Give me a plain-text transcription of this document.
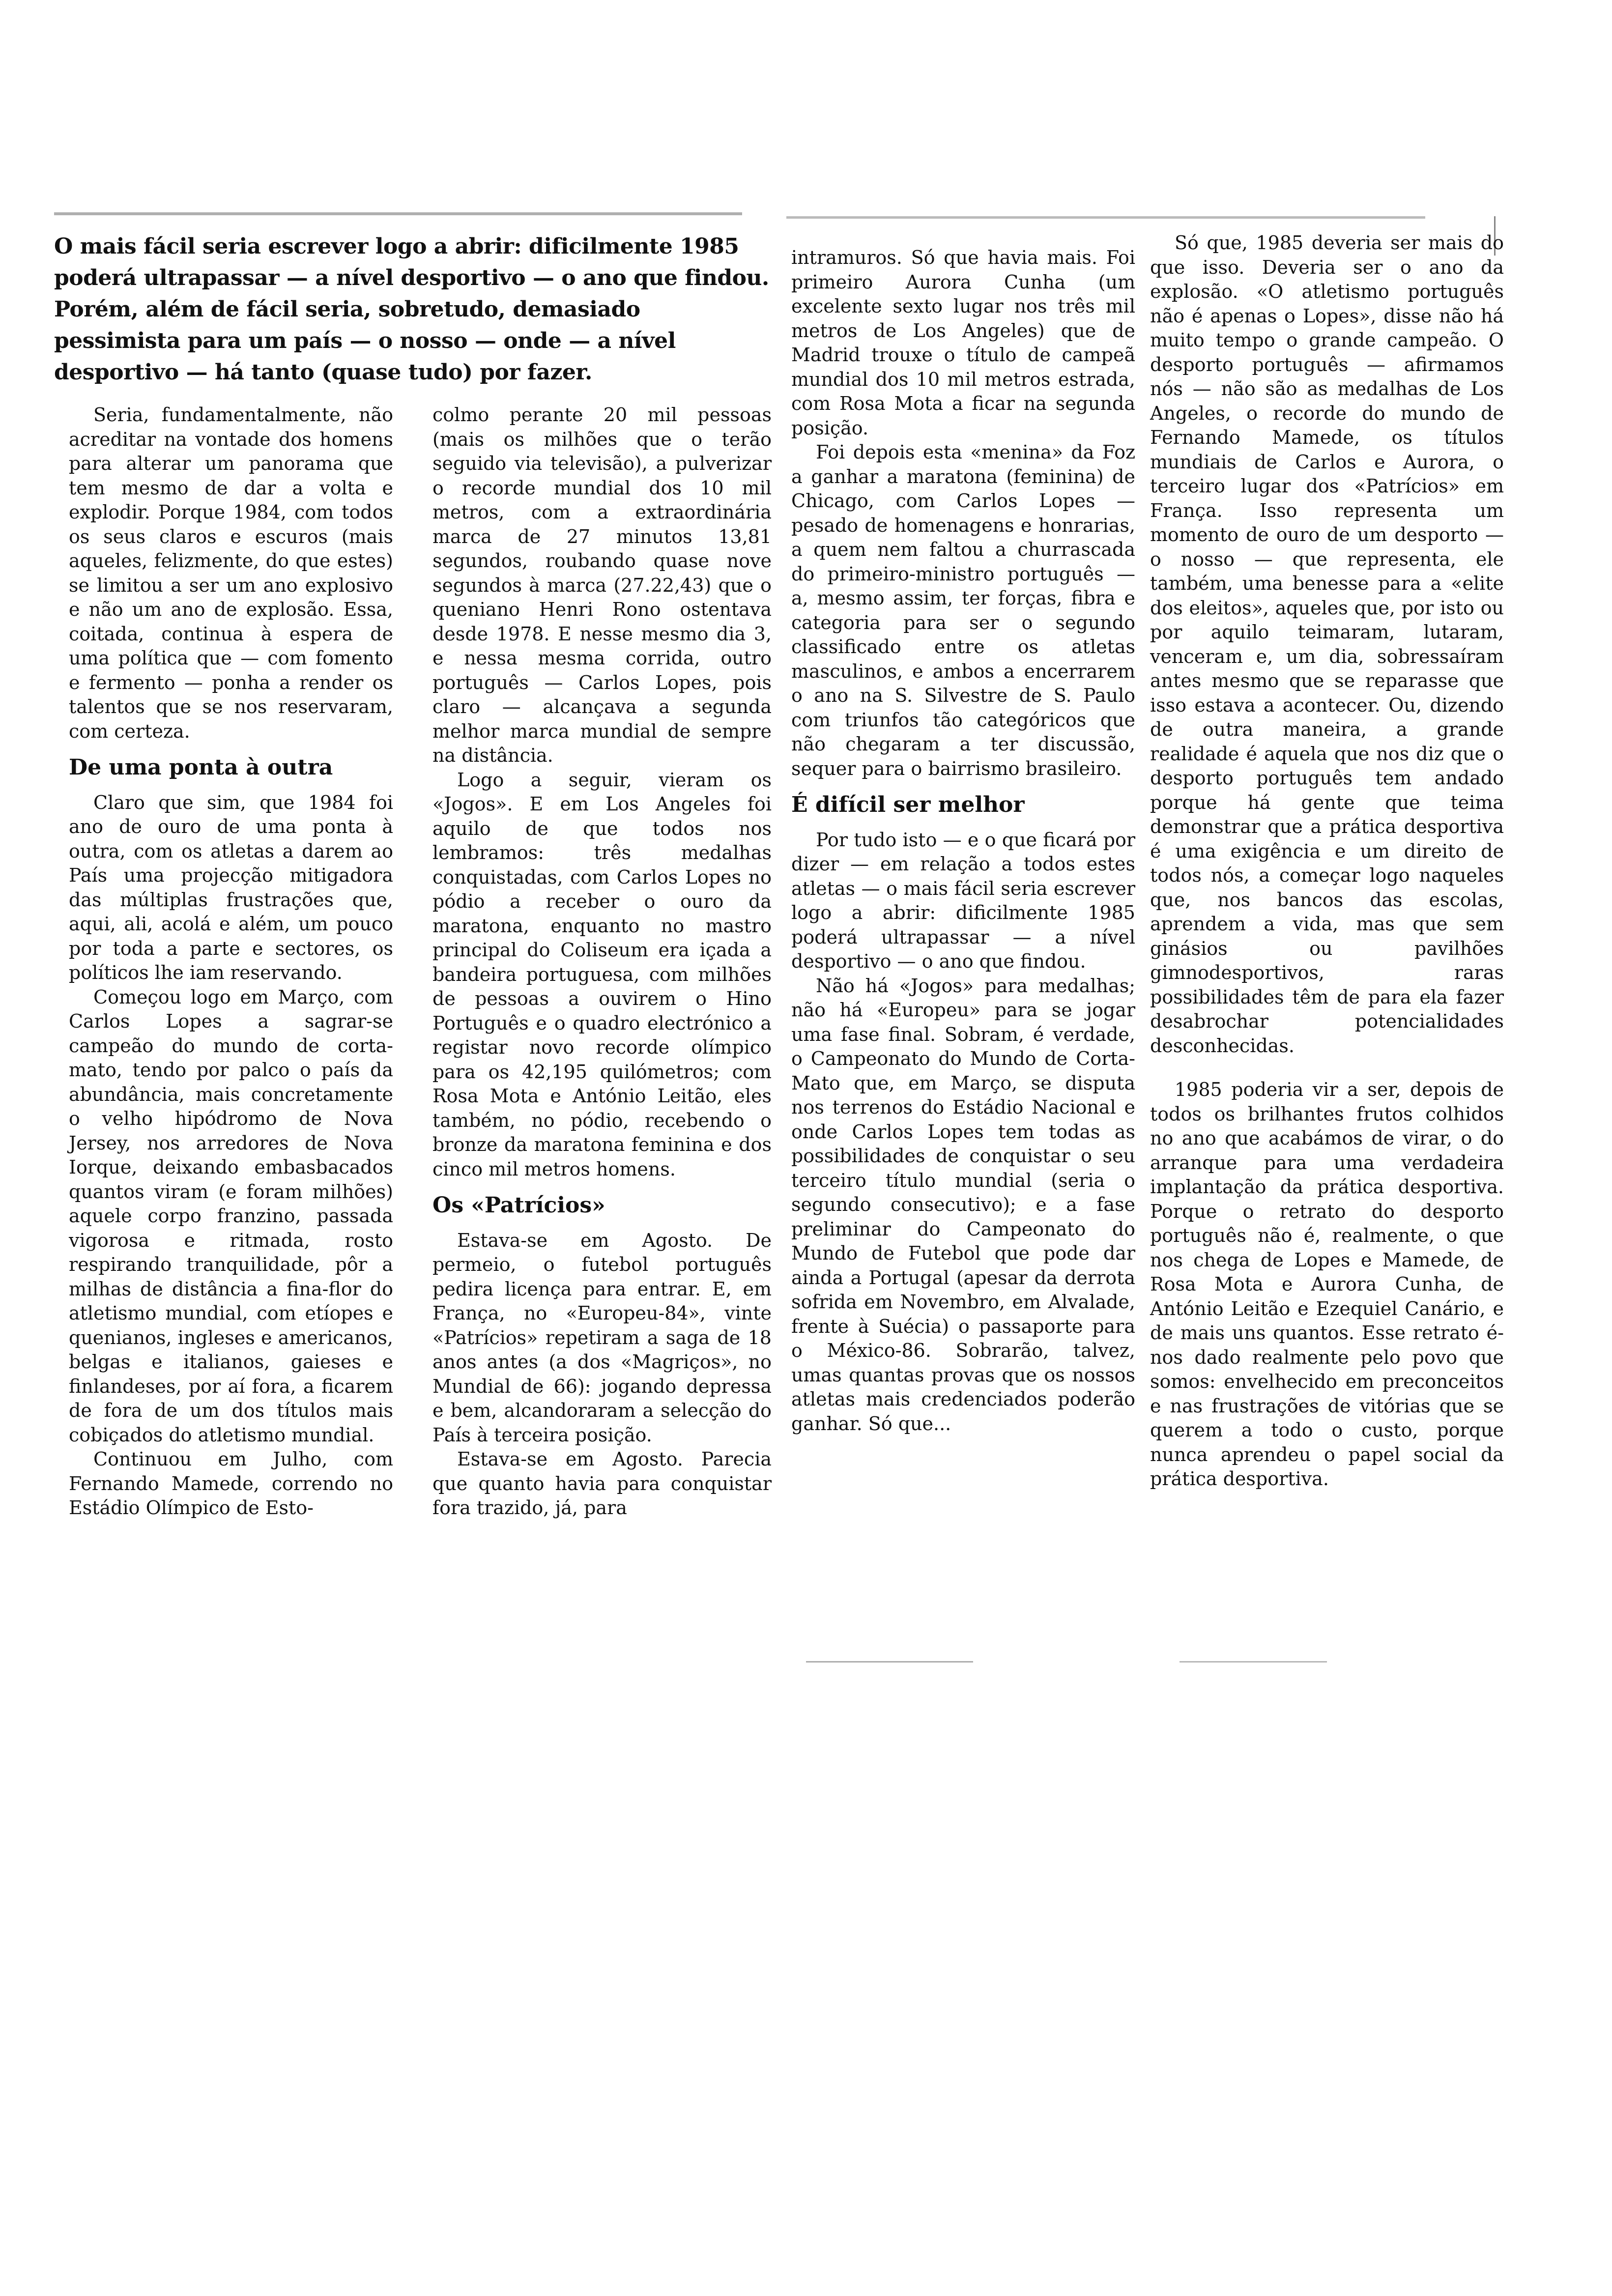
O mais fácil seria escrever logo a abrir: dificilmente 1985 poderá ultrapassar — a nível desportivo — o ano que findou. Porém, além de fácil seria, sobretudo, demasiado pessimista para um país — o nosso — onde — a nível desportivo — há tanto (quase tudo) por fazer.

Seria, fundamentalmente, não acreditar na vontade dos homens para alterar um panorama que tem mesmo de dar a volta e explodir. Porque 1984, com todos os seus claros e escuros (mais aqueles, felizmente, do que estes) se limitou a ser um ano explosivo e não um ano de explosão. Essa, coitada, continua à espera de uma política que — com fomento e fermento — ponha a render os talentos que se nos reservaram, com certeza.

De uma ponta à outra

Claro que sim, que 1984 foi ano de ouro de uma ponta à outra, com os atletas a darem ao País uma projecção mitigadora das múltiplas frustrações que, aqui, ali, acolá e além, um pouco por toda a parte e sectores, os políticos lhe iam reservando.

Começou logo em Março, com Carlos Lopes a sagrar-se campeão do mundo de corta-mato, tendo por palco o país da abundância, mais concretamente o velho hipódromo de Nova Jersey, nos arredores de Nova Iorque, deixando embasbacados quantos viram (e foram milhões) aquele corpo franzino, passada vigorosa e ritmada, rosto respirando tranquilidade, pôr a milhas de distância a fina-flor do atletismo mundial, com etíopes e quenianos, ingleses e americanos, belgas e italianos, gaieses e finlandeses, por aí fora, a ficarem de fora de um dos títulos mais cobiçados do atletismo mundial.

Continuou em Julho, com Fernando Mamede, correndo no Estádio Olímpico de Esto-

colmo perante 20 mil pessoas (mais os milhões que o terão seguido via televisão), a pulverizar o recorde mundial dos 10 mil metros, com a extraordinária marca de 27 minutos 13,81 segundos, roubando quase nove segundos à marca (27.22,43) que o queniano Henri Rono ostentava desde 1978. E nesse mesmo dia 3, e nessa mesma corrida, outro português — Carlos Lopes, pois claro — alcançava a segunda melhor marca mundial de sempre na distância.

Logo a seguir, vieram os «Jogos». E em Los Angeles foi aquilo de que todos nos lembramos: três medalhas conquistadas, com Carlos Lopes no pódio a receber o ouro da maratona, enquanto no mastro principal do Coliseum era içada a bandeira portuguesa, com milhões de pessoas a ouvirem o Hino Português e o quadro electrónico a registar novo recorde olímpico para os 42,195 quilómetros; com Rosa Mota e António Leitão, eles também, no pódio, recebendo o bronze da maratona feminina e dos cinco mil metros homens.

Os «Patrícios»

Estava-se em Agosto. De permeio, o futebol português pedira licença para entrar. E, em França, no «Europeu-84», vinte «Patrícios» repetiram a saga de 18 anos antes (a dos «Magriços», no Mundial de 66): jogando depressa e bem, alcandoraram a selecção do País à terceira posição.

Estava-se em Agosto. Parecia que quanto havia para conquistar fora trazido, já, para

intramuros. Só que havia mais. Foi primeiro Aurora Cunha (um excelente sexto lugar nos três mil metros de Los Angeles) que de Madrid trouxe o título de campeã mundial dos 10 mil metros estrada, com Rosa Mota a ficar na segunda posição.

Foi depois esta «menina» da Foz a ganhar a maratona (feminina) de Chicago, com Carlos Lopes — pesado de homenagens e honrarias, a quem nem faltou a churrascada do primeiro-ministro português — a, mesmo assim, ter forças, fibra e categoria para ser o segundo classificado entre os atletas masculinos, e ambos a encerrarem o ano na S. Silvestre de S. Paulo com triunfos tão categóricos que não chegaram a ter discussão, sequer para o bairrismo brasileiro.

É difícil ser melhor

Por tudo isto — e o que ficará por dizer — em relação a todos estes atletas — o mais fácil seria escrever logo a abrir: dificilmente 1985 poderá ultrapassar — a nível desportivo — o ano que findou.

Não há «Jogos» para medalhas; não há «Europeu» para se jogar uma fase final. Sobram, é verdade, o Campeonato do Mundo de Corta-Mato que, em Março, se disputa nos terrenos do Estádio Nacional e onde Carlos Lopes tem todas as possibilidades de conquistar o seu terceiro título mundial (seria o segundo consecutivo); e a fase preliminar do Campeonato do Mundo de Futebol que pode dar ainda a Portugal (apesar da derrota sofrida em Novembro, em Alvalade, frente à Suécia) o passaporte para o México-86. Sobrarão, talvez, umas quantas provas que os nossos atletas mais credenciados poderão ganhar. Só que...

Só que, 1985 deveria ser mais do que isso. Deveria ser o ano da explosão. «O atletismo português não é apenas o Lopes», disse não há muito tempo o grande campeão. O desporto português — afirmamos nós — não são as medalhas de Los Angeles, o recorde do mundo de Fernando Mamede, os títulos mundiais de Carlos e Aurora, o terceiro lugar dos «Patrícios» em França. Isso representa um momento de ouro de um desporto — o nosso — que representa, ele também, uma benesse para a «elite dos eleitos», aqueles que, por isto ou por aquilo teimaram, lutaram, venceram e, um dia, sobressaíram antes mesmo que se reparasse que isso estava a acontecer. Ou, dizendo de outra maneira, a grande realidade é aquela que nos diz que o desporto português tem andado porque há gente que teima demonstrar que a prática desportiva é uma exigência e um direito de todos nós, a começar logo naqueles que, nos bancos das escolas, aprendem a vida, mas que sem ginásios ou pavilhões gimnodesportivos, raras possibilidades têm de para ela fazer desabrochar potencialidades desconhecidas.

1985 poderia vir a ser, depois de todos os brilhantes frutos colhidos no ano que acabámos de virar, o do arranque para uma verdadeira implantação da prática desportiva. Porque o retrato do desporto português não é, realmente, o que nos chega de Lopes e Mamede, de Rosa Mota e Aurora Cunha, de António Leitão e Ezequiel Canário, e de mais uns quantos. Esse retrato é-nos dado realmente pelo povo que somos: envelhecido em preconceitos e nas frustrações de vitórias que se querem a todo o custo, porque nunca aprendeu o papel social da prática desportiva.
